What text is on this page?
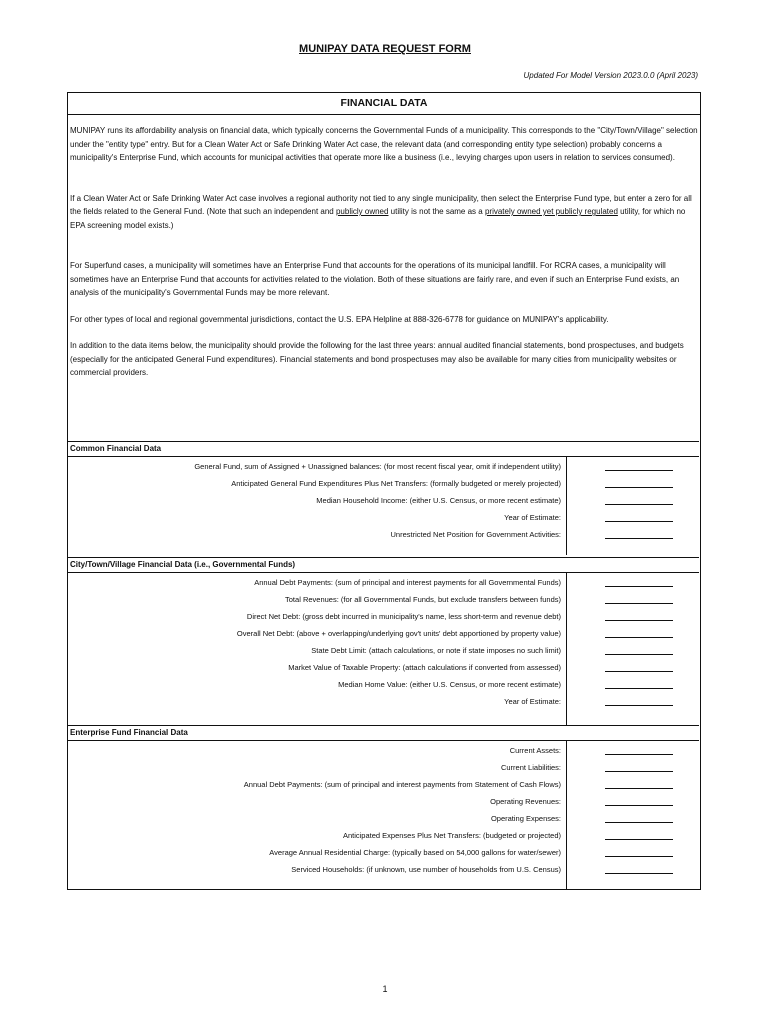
MUNIPAY DATA REQUEST FORM
Updated For Model Version 2023.0.0 (April 2023)
FINANCIAL DATA

MUNIPAY runs its affordability analysis on financial data, which typically concerns the Governmental Funds of a municipality. This corresponds to the "City/Town/Village" selection under the "entity type" entry. But for a Clean Water Act or Safe Drinking Water Act case, the relevant data (and corresponding entity type selection) probably concerns a municipality's Enterprise Fund, which accounts for municipal activities that operate more like a business (i.e., levying charges upon users in relation to services consumed).

If a Clean Water Act or Safe Drinking Water Act case involves a regional authority not tied to any single municipality, then select the Enterprise Fund type, but enter a zero for all the fields related to the General Fund. (Note that such an independent and publicly owned utility is not the same as a privately owned yet publicly regulated utility, for which no EPA screening model exists.)

For Superfund cases, a municipality will sometimes have an Enterprise Fund that accounts for the operations of its municipal landfill. For RCRA cases, a municipality will sometimes have an Enterprise Fund that accounts for activities related to the violation. Both of these situations are fairly rare, and even if such an Enterprise Fund exists, an analysis of the municipality's Governmental Funds may be more relevant.

For other types of local and regional governmental jurisdictions, contact the U.S. EPA Helpline at 888-326-6778 for guidance on MUNIPAY's applicability.

In addition to the data items below, the municipality should provide the following for the last three years: annual audited financial statements, bond prospectuses, and budgets (especially for the anticipated General Fund expenditures). Financial statements and bond prospectuses may also be available for many cities from municipality websites or commercial providers.

Common Financial Data
General Fund, sum of Assigned + Unassigned balances: (for most recent fiscal year, omit if independent utility)
Anticipated General Fund Expenditures Plus Net Transfers: (formally budgeted or merely projected)
Median Household Income: (either U.S. Census, or more recent estimate)
Year of Estimate:
Unrestricted Net Position for Government Activities:
City/Town/Village Financial Data (i.e., Governmental Funds)
Annual Debt Payments: (sum of principal and interest payments for all Governmental Funds)
Total Revenues: (for all Governmental Funds, but exclude transfers between funds)
Direct Net Debt: (gross debt incurred in municipality's name, less short-term and revenue debt)
Overall Net Debt: (above + overlapping/underlying gov't units' debt apportioned by property value)
State Debt Limit: (attach calculations, or note if state imposes no such limit)
Market Value of Taxable Property: (attach calculations if converted from assessed)
Median Home Value: (either U.S. Census, or more recent estimate)
Year of Estimate:
Enterprise Fund Financial Data
Current Assets:
Current Liabilities:
Annual Debt Payments: (sum of principal and interest payments from Statement of Cash Flows)
Operating Revenues:
Operating Expenses:
Anticipated Expenses Plus Net Transfers: (budgeted or projected)
Average Annual Residential Charge: (typically based on 54,000 gallons for water/sewer)
Serviced Households: (if unknown, use number of households from U.S. Census)
1
